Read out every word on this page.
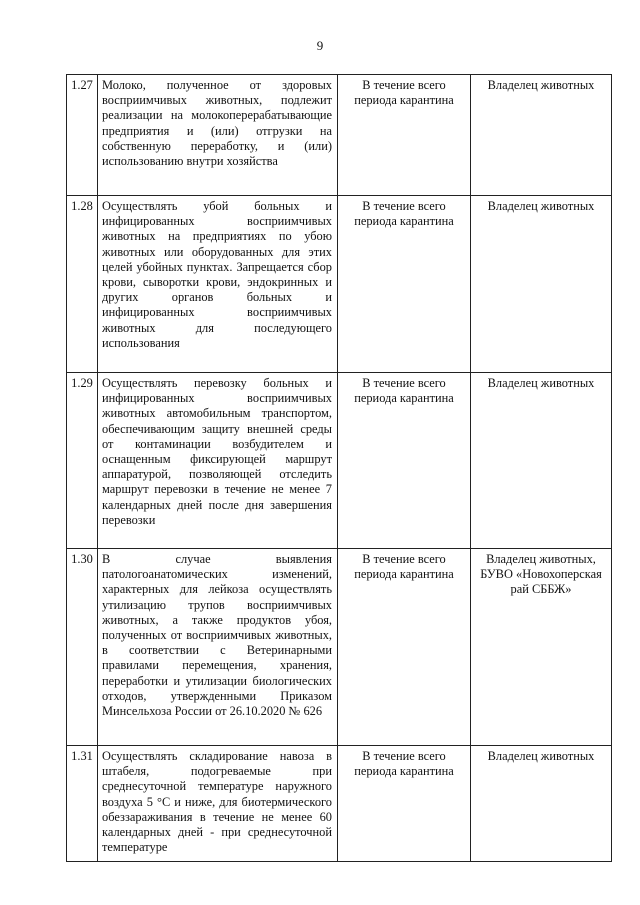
9
1.27	Молоко, полученное от здоровых восприимчивых животных, подлежит реализации на молокоперерабатывающие предприятия и (или) отгрузки на собственную переработку, и (или) использованию внутри хозяйства	В течение всего периода карантина	Владелец животных
1.28	Осуществлять убой больных и инфицированных восприимчивых животных на предприятиях по убою животных или оборудованных для этих целей убойных пунктах. Запрещается сбор крови, сыворотки крови, эндокринных и других органов больных и инфицированных восприимчивых животных для последующего использования	В течение всего периода карантина	Владелец животных
1.29	Осуществлять перевозку больных и инфицированных восприимчивых животных автомобильным транспортом, обеспечивающим защиту внешней среды от контаминации возбудителем и оснащенным фиксирующей маршрут аппаратурой, позволяющей отследить маршрут перевозки в течение не менее 7 календарных дней после дня завершения перевозки	В течение всего периода карантина	Владелец животных
1.30	В случае выявления патологоанатомических изменений, характерных для лейкоза осуществлять утилизацию трупов восприимчивых животных, а также продуктов убоя, полученных от восприимчивых животных, в соответствии с Ветеринарными правилами перемещения, хранения, переработки и утилизации биологических отходов, утвержденными Приказом Минсельхоза России от 26.10.2020 № 626	В течение всего периода карантина	Владелец животных, БУВО «Новохоперская рай СББЖ»
1.31	Осуществлять складирование навоза в штабеля, подогреваемые при среднесуточной температуре наружного воздуха 5 °С и ниже, для биотермического обеззараживания в течение не менее 60 календарных дней - при среднесуточной температуре	В течение всего периода карантина	Владелец животных
